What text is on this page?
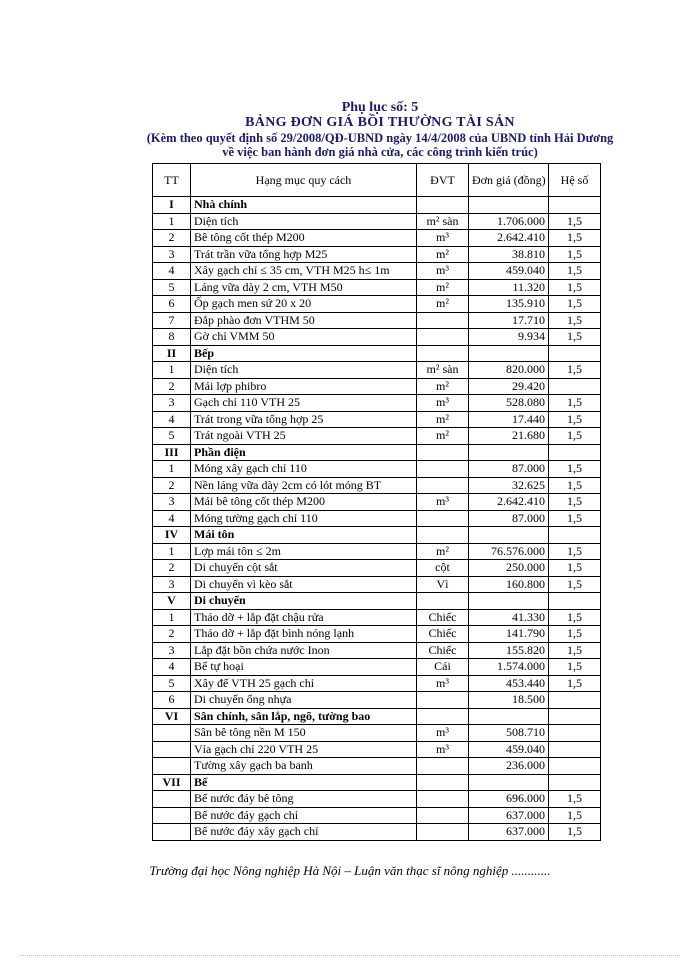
Phụ lục số: 5
BẢNG ĐƠN GIÁ BỒI THƯỜNG TÀI SẢN
(Kèm theo quyết định số 29/2008/QĐ-UBND ngày 14/4/2008 của UBND tỉnh Hải Dương về việc ban hành đơn giá nhà cửa, các công trình kiến trúc)
TT	Hạng mục quy cách	ĐVT	Đơn giá (đồng)	Hệ số
I	Nhà chính			
1	Diện tích	m² sàn	1.706.000	1,5
2	Bê tông cốt thép M200	m³	2.642.410	1,5
3	Trát trần vữa tổng hợp M25	m²	38.810	1,5
4	Xây gạch chỉ ≤ 35 cm, VTH M25 h≤ 1m	m³	459.040	1,5
5	Láng vữa dày 2 cm, VTH M50	m²	11.320	1,5
6	Ốp gạch men sứ 20 x 20	m²	135.910	1,5
7	Đắp phào đơn VTHM 50		17.710	1,5
8	Gờ chỉ VMM 50		9.934	1,5
II	Bếp			
1	Diện tích	m² sàn	820.000	1,5
2	Mái lợp phibro	m²	29.420	
3	Gạch chỉ 110 VTH 25	m³	528.080	1,5
4	Trát trong vữa tổng hợp 25	m²	17.440	1,5
5	Trát ngoài VTH 25	m²	21.680	1,5
III	Phần điện			
1	Móng xây gạch chỉ 110		87.000	1,5
2	Nền láng vữa dày 2cm có lót móng BT		32.625	1,5
3	Mái bê tông cốt thép M200	m³	2.642.410	1,5
4	Móng tường gạch chỉ 110		87.000	1,5
IV	Mái tôn			
1	Lợp mái tôn ≤ 2m	m²	76.576.000	1,5
2	Di chuyển cột sắt	cột	250.000	1,5
3	Di chuyển vì kèo sắt	Vì	160.800	1,5
V	Di chuyển			
1	Tháo dỡ + lắp đặt chậu rửa	Chiếc	41.330	1,5
2	Tháo dỡ + lắp đặt bình nóng lạnh	Chiếc	141.790	1,5
3	Lắp đặt bồn chứa nước Inon	Chiếc	155.820	1,5
4	Bể tự hoại	Cái	1.574.000	1,5
5	Xây đế VTH 25 gạch chỉ	m³	453.440	1,5
6	Di chuyển ống nhựa		18.500	
VI	Sân chính, sân lắp, ngõ, tường bao			
	Sân bê tông nền M 150	m³	508.710	
	Vỉa gạch chỉ 220 VTH 25	m³	459.040	
	Tường xây gạch ba banh		236.000	
VII	Bể			
	Bể nước đáy bê tông		696.000	1,5
	Bể nước đáy gạch chỉ		637.000	1,5
	Bể nước đáy xây gạch chỉ		637.000	1,5
Trường đại học Nông nghiệp Hà Nội – Luận văn thạc sĩ nông nghiệp ............
